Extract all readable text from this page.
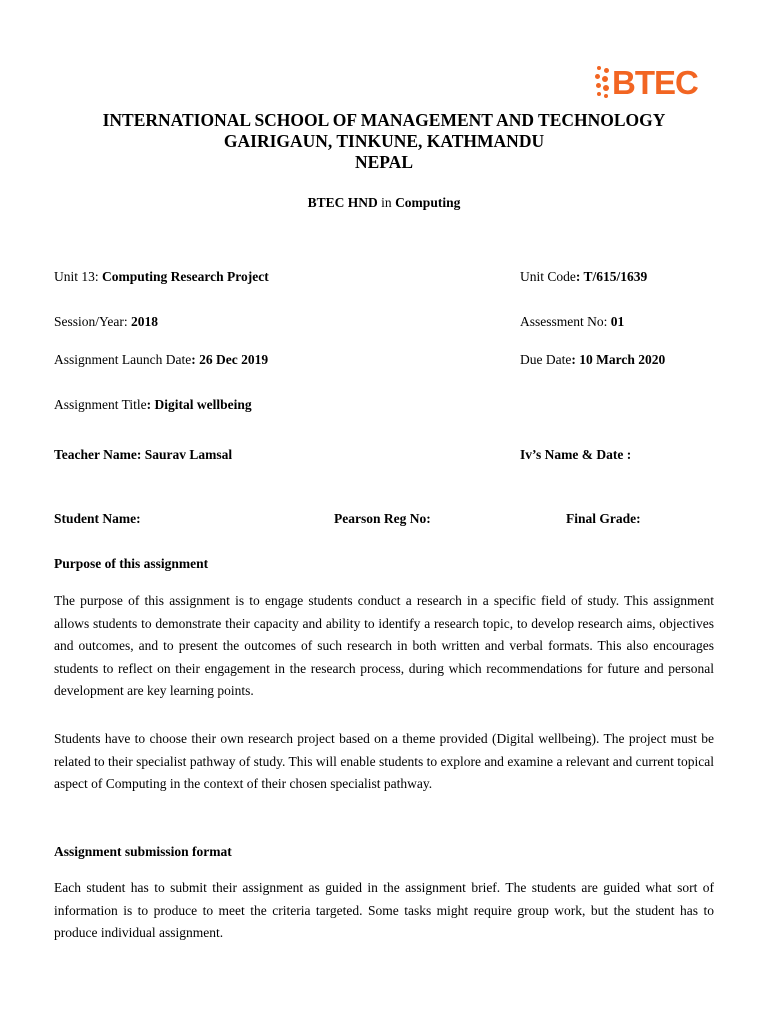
BTEC
INTERNATIONAL SCHOOL OF MANAGEMENT AND TECHNOLOGY
GAIRIGAUN, TINKUNE, KATHMANDU
NEPAL
BTEC HND in Computing
Unit 13: Computing Research Project	Unit Code: T/615/1639
Session/Year: 2018	Assessment No: 01
Assignment Launch Date: 26 Dec 2019	Due Date: 10 March 2020
Assignment Title: Digital wellbeing
Teacher Name: Saurav Lamsal	Iv’s Name & Date :
Student Name:	Pearson Reg No:	Final Grade:
Purpose of this assignment

The purpose of this assignment is to engage students conduct a research in a specific field of study. This assignment allows students to demonstrate their capacity and ability to identify a research topic, to develop research aims, objectives and outcomes, and to present the outcomes of such research in both written and verbal formats. This also encourages students to reflect on their engagement in the research process, during which recommendations for future and personal development are key learning points.

Students have to choose their own research project based on a theme provided (Digital wellbeing). The project must be related to their specialist pathway of study. This will enable students to explore and examine a relevant and current topical aspect of Computing in the context of their chosen specialist pathway.

Assignment submission format

Each student has to submit their assignment as guided in the assignment brief. The students are guided what sort of information is to produce to meet the criteria targeted. Some tasks might require group work, but the student has to produce individual assignment.
